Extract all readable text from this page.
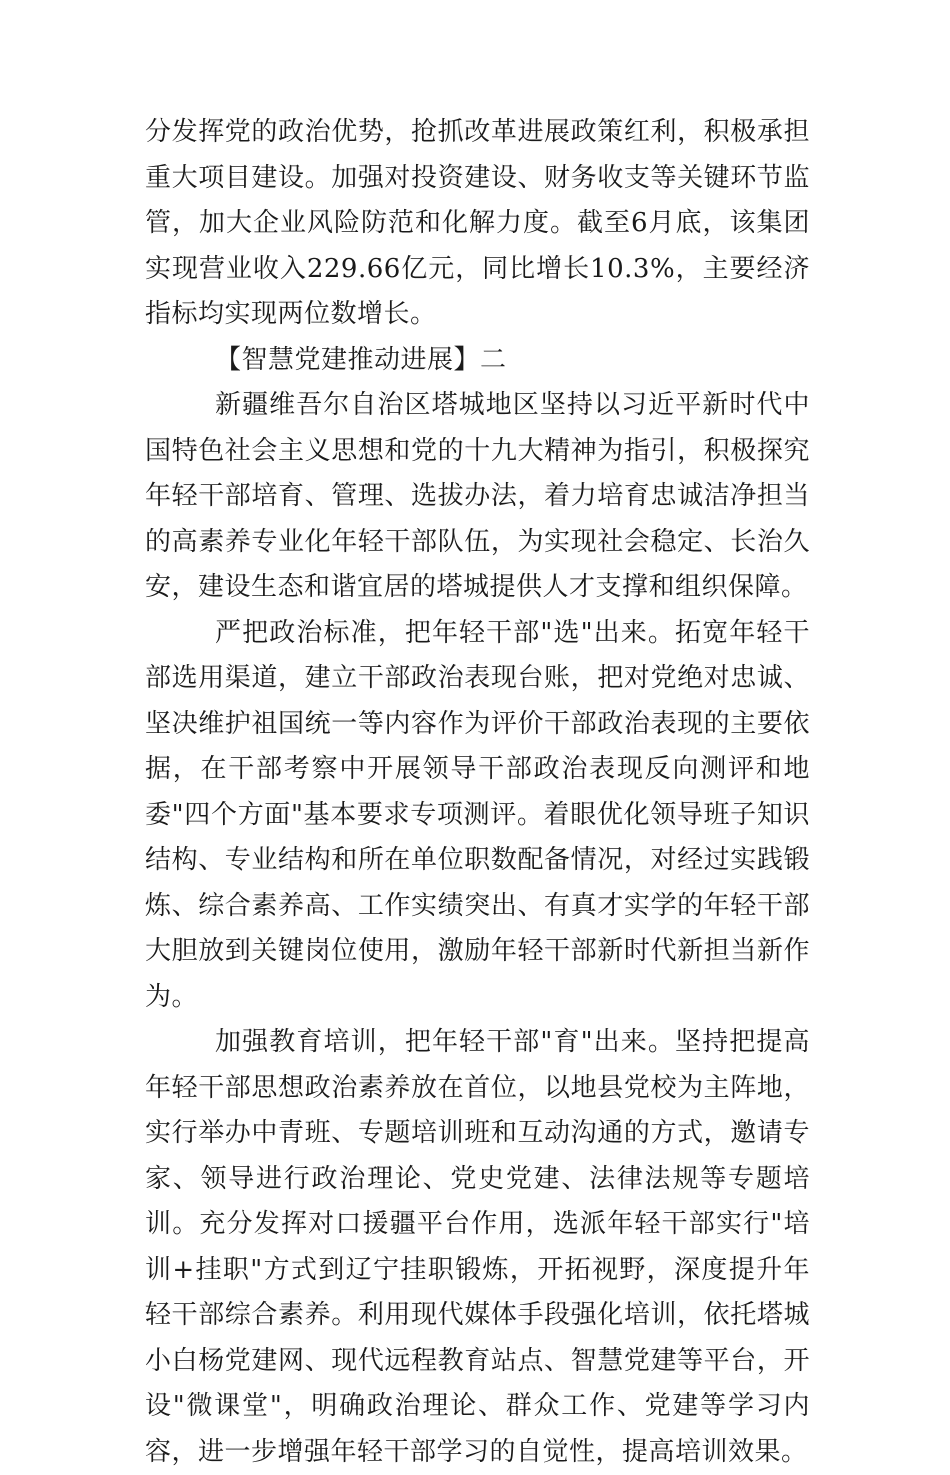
分发挥党的政治优势，抢抓改革进展政策红利，积极承担重大项目建设。加强对投资建设、财务收支等关键环节监管，加大企业风险防范和化解力度。截至6月底，该集团实现营业收入229.66亿元，同比增长10.3%，主要经济指标均实现两位数增长。

【智慧党建推动进展】二

新疆维吾尔自治区塔城地区坚持以习近平新时代中国特色社会主义思想和党的十九大精神为指引，积极探究年轻干部培育、管理、选拔办法，着力培育忠诚洁净担当的高素养专业化年轻干部队伍，为实现社会稳定、长治久安，建设生态和谐宜居的塔城提供人才支撑和组织保障。

严把政治标准，把年轻干部"选"出来。拓宽年轻干部选用渠道，建立干部政治表现台账，把对党绝对忠诚、坚决维护祖国统一等内容作为评价干部政治表现的主要依据，在干部考察中开展领导干部政治表现反向测评和地委"四个方面"基本要求专项测评。着眼优化领导班子知识结构、专业结构和所在单位职数配备情况，对经过实践锻炼、综合素养高、工作实绩突出、有真才实学的年轻干部大胆放到关键岗位使用，激励年轻干部新时代新担当新作为。

加强教育培训，把年轻干部"育"出来。坚持把提高年轻干部思想政治素养放在首位，以地县党校为主阵地，实行举办中青班、专题培训班和互动沟通的方式，邀请专家、领导进行政治理论、党史党建、法律法规等专题培训。充分发挥对口援疆平台作用，选派年轻干部实行"培训+挂职"方式到辽宁挂职锻炼，开拓视野，深度提升年轻干部综合素养。利用现代媒体手段强化培训，依托塔城小白杨党建网、现代远程教育站点、智慧党建等平台，开设"微课堂"，明确政治理论、群众工作、党建等学习内容，进一步增强年轻干部学习的自觉性，提高培训效果。
